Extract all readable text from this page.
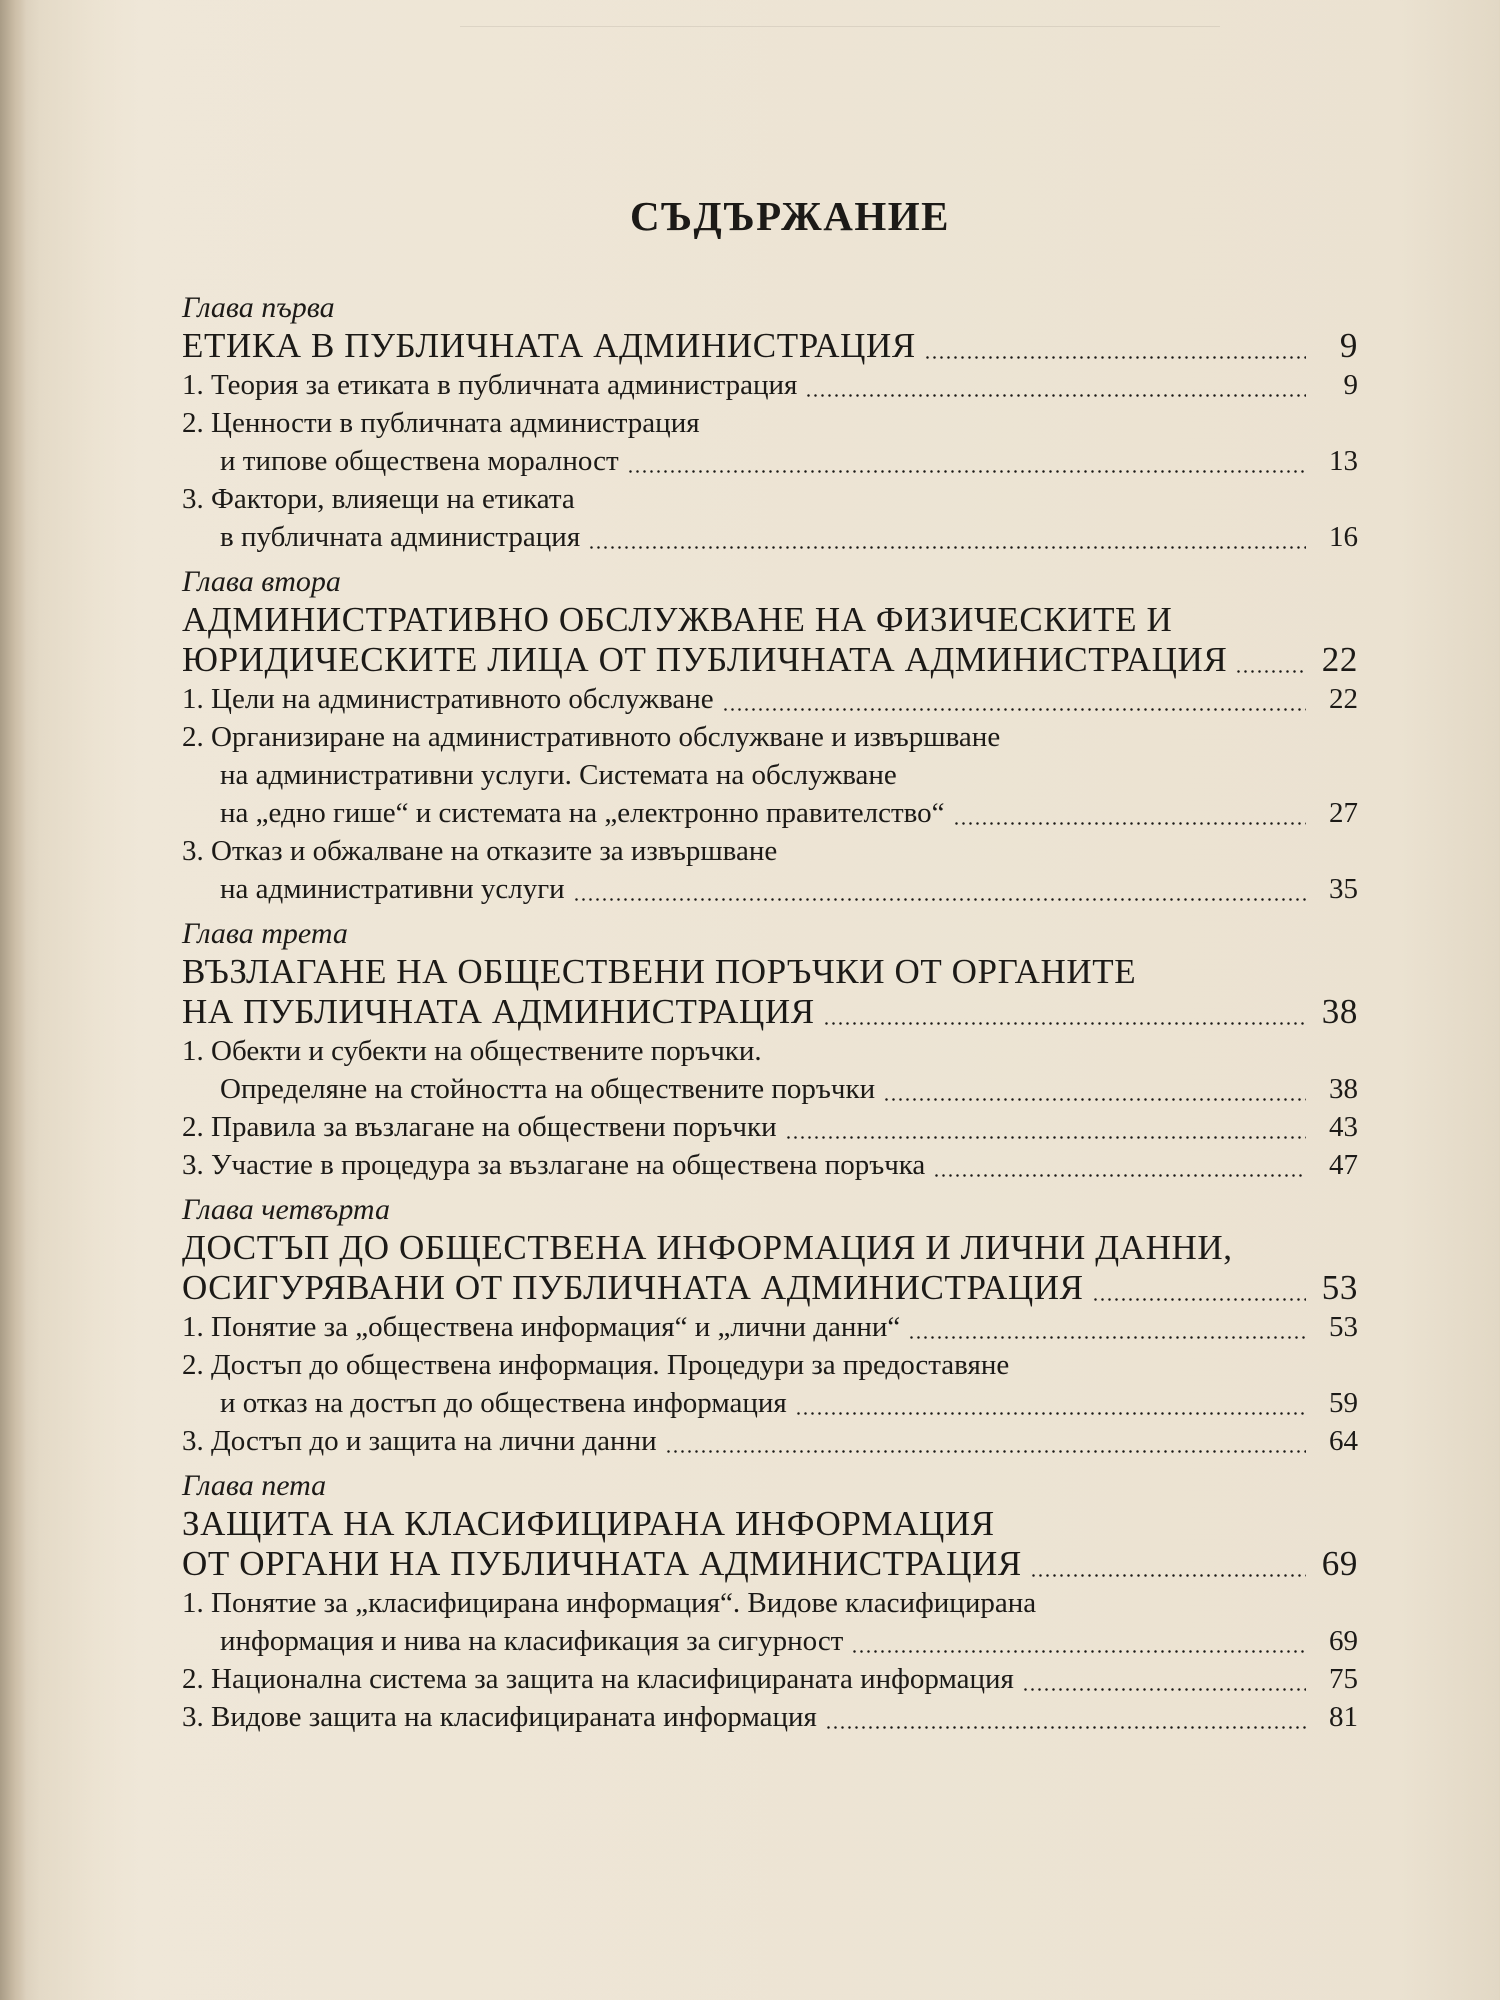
СЪДЪРЖАНИЕ
Глава първа
ЕТИКА В ПУБЛИЧНАТА АДМИНИСТРАЦИЯ	9
1. Теория за етиката в публичната администрация	9
2. Ценности в публичната администрация
и типове обществена моралност	13
3. Фактори, влияещи на етиката
в публичната администрация	16
Глава втора
АДМИНИСТРАТИВНО ОБСЛУЖВАНЕ НА ФИЗИЧЕСКИТЕ И
ЮРИДИЧЕСКИТЕ ЛИЦА ОТ ПУБЛИЧНАТА АДМИНИСТРАЦИЯ	22
1. Цели на административното обслужване	22
2. Организиране на административното обслужване и извършване
на административни услуги. Системата на обслужване
на „едно гише“ и системата на „електронно правителство“	27
3. Отказ и обжалване на отказите за извършване
на административни услуги	35
Глава трета
ВЪЗЛАГАНЕ НА ОБЩЕСТВЕНИ ПОРЪЧКИ ОТ ОРГАНИТЕ
НА ПУБЛИЧНАТА АДМИНИСТРАЦИЯ	38
1. Обекти и субекти на обществените поръчки.
Определяне на стойността на обществените поръчки	38
2. Правила за възлагане на обществени поръчки	43
3. Участие в процедура за възлагане на обществена поръчка	47
Глава четвърта
ДОСТЪП ДО ОБЩЕСТВЕНА ИНФОРМАЦИЯ И ЛИЧНИ ДАННИ,
ОСИГУРЯВАНИ ОТ ПУБЛИЧНАТА АДМИНИСТРАЦИЯ	53
1. Понятие за „обществена информация“ и „лични данни“	53
2. Достъп до обществена информация. Процедури за предоставяне
и отказ на достъп до обществена информация	59
3. Достъп до и защита на лични данни	64
Глава пета
ЗАЩИТА НА КЛАСИФИЦИРАНА ИНФОРМАЦИЯ
ОТ ОРГАНИ НА ПУБЛИЧНАТА АДМИНИСТРАЦИЯ	69
1. Понятие за „класифицирана информация“. Видове класифицирана
информация и нива на класификация за сигурност	69
2. Национална система за защита на класифицираната информация	75
3. Видове защита на класифицираната информация	81
